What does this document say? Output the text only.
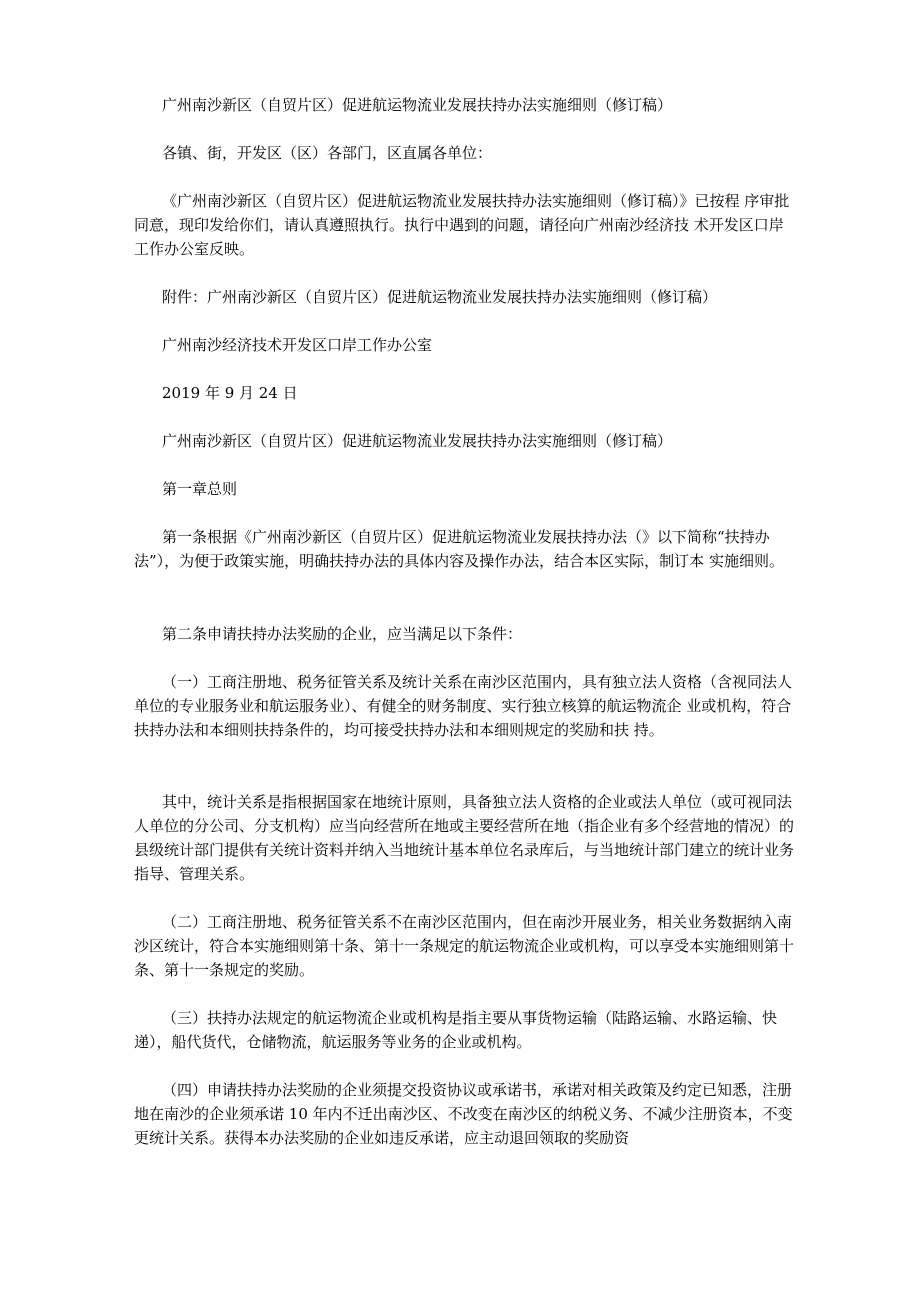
广州南沙新区（自贸片区）促进航运物流业发展扶持办法实施细则（修订稿）

各镇、街，开发区（区）各部门，区直属各单位：

《广州南沙新区（自贸片区）促进航运物流业发展扶持办法实施细则（修订稿）》已按程 序审批同意，现印发给你们，请认真遵照执行。执行中遇到的问题，请径向广州南沙经济技 术开发区口岸工作办公室反映。

附件：广州南沙新区（自贸片区）促进航运物流业发展扶持办法实施细则（修订稿）

广州南沙经济技术开发区口岸工作办公室

2019 年 9 月 24 日

广州南沙新区（自贸片区）促进航运物流业发展扶持办法实施细则（修订稿）

第一章总则

第一条根据《广州南沙新区（自贸片区）促进航运物流业发展扶持办法（》以下简称“扶持办法”），为便于政策实施，明确扶持办法的具体内容及操作办法，结合本区实际，制订本 实施细则。

第二条申请扶持办法奖励的企业，应当满足以下条件：

（一）工商注册地、税务征管关系及统计关系在南沙区范围内，具有独立法人资格（含视同法人单位的专业服务业和航运服务业）、有健全的财务制度、实行独立核算的航运物流企 业或机构，符合扶持办法和本细则扶持条件的，均可接受扶持办法和本细则规定的奖励和扶 持。

其中，统计关系是指根据国家在地统计原则，具备独立法人资格的企业或法人单位（或可视同法人单位的分公司、分支机构）应当向经营所在地或主要经营所在地（指企业有多个经营地的情况）的县级统计部门提供有关统计资料并纳入当地统计基本单位名录库后，与当地统计部门建立的统计业务指导、管理关系。

（二）工商注册地、税务征管关系不在南沙区范围内，但在南沙开展业务，相关业务数据纳入南沙区统计，符合本实施细则第十条、第十一条规定的航运物流企业或机构，可以享受本实施细则第十条、第十一条规定的奖励。

（三）扶持办法规定的航运物流企业或机构是指主要从事货物运输（陆路运输、水路运输、快递），船代货代，仓储物流，航运服务等业务的企业或机构。

（四）申请扶持办法奖励的企业须提交投资协议或承诺书，承诺对相关政策及约定已知悉，注册地在南沙的企业须承诺 10 年内不迁出南沙区、不改变在南沙区的纳税义务、不减少注册资本，不变更统计关系。获得本办法奖励的企业如违反承诺，应主动退回领取的奖励资
